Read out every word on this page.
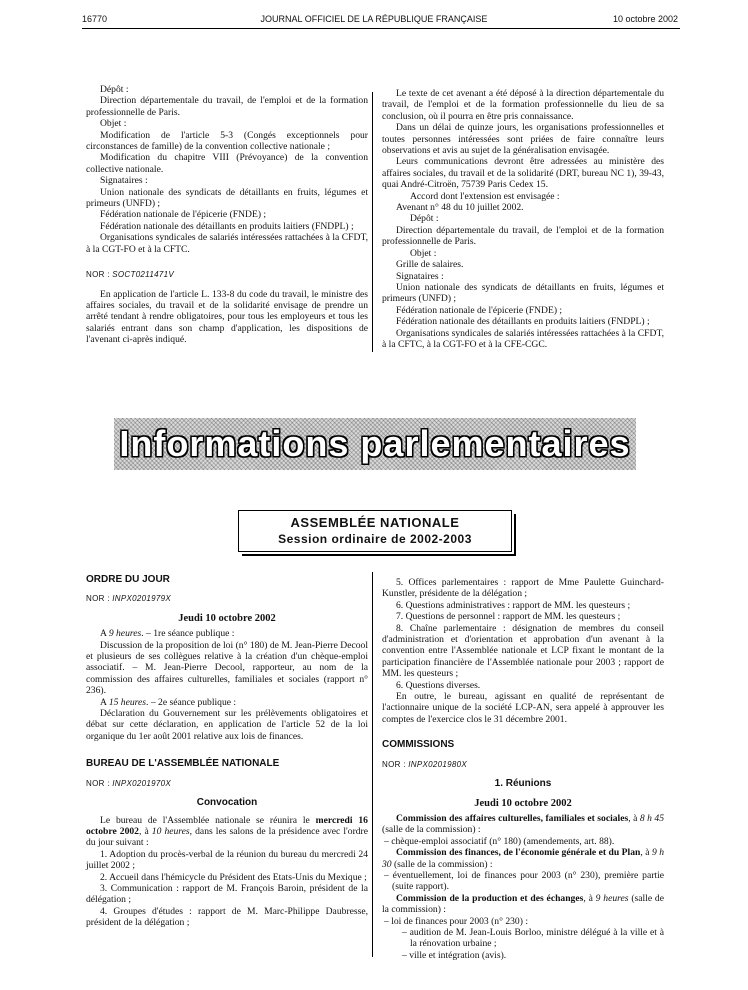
16770	JOURNAL OFFICIEL DE LA RÉPUBLIQUE FRANÇAISE	10 octobre 2002

Dépôt :

Direction départementale du travail, de l'emploi et de la formation professionnelle de Paris.

Objet :

Modification de l'article 5-3 (Congés exceptionnels pour circonstances de famille) de la convention collective nationale ;

Modification du chapitre VIII (Prévoyance) de la convention collective nationale.

Signataires :

Union nationale des syndicats de détaillants en fruits, légumes et primeurs (UNFD) ;

Fédération nationale de l'épicerie (FNDE) ;

Fédération nationale des détaillants en produits laitiers (FNDPL) ;

Organisations syndicales de salariés intéressées rattachées à la CFDT, à la CGT-FO et à la CFTC.

NOR : SOCT0211471V

En application de l'article L. 133-8 du code du travail, le ministre des affaires sociales, du travail et de la solidarité envisage de prendre un arrêté tendant à rendre obligatoires, pour tous les employeurs et tous les salariés entrant dans son champ d'application, les dispositions de l'avenant ci-après indiqué.

Le texte de cet avenant a été déposé à la direction départementale du travail, de l'emploi et de la formation professionnelle du lieu de sa conclusion, où il pourra en être pris connaissance.

Dans un délai de quinze jours, les organisations professionnelles et toutes personnes intéressées sont priées de faire connaître leurs observations et avis au sujet de la généralisation envisagée.

Leurs communications devront être adressées au ministère des affaires sociales, du travail et de la solidarité (DRT, bureau NC 1), 39-43, quai André-Citroën, 75739 Paris Cedex 15.

Accord dont l'extension est envisagée :

Avenant n° 48 du 10 juillet 2002.

Dépôt :

Direction départementale du travail, de l'emploi et de la formation professionnelle de Paris.

Objet :

Grille de salaires.

Signataires :

Union nationale des syndicats de détaillants en fruits, légumes et primeurs (UNFD) ;

Fédération nationale de l'épicerie (FNDE) ;

Fédération nationale des détaillants en produits laitiers (FNDPL) ;

Organisations syndicales de salariés intéressées rattachées à la CFDT, à la CFTC, à la CGT-FO et à la CFE-CGC.

Informations parlementaires
ASSEMBLÉE NATIONALE
Session ordinaire de 2002-2003

ORDRE DU JOUR

NOR : INPX0201979X

Jeudi 10 octobre 2002

A 9 heures. – 1re séance publique :

Discussion de la proposition de loi (n° 180) de M. Jean-Pierre Decool et plusieurs de ses collègues relative à la création d'un chèque-emploi associatif. – M. Jean-Pierre Decool, rapporteur, au nom de la commission des affaires culturelles, familiales et sociales (rapport n° 236).

A 15 heures. – 2e séance publique :

Déclaration du Gouvernement sur les prélèvements obligatoires et débat sur cette déclaration, en application de l'article 52 de la loi organique du 1er août 2001 relative aux lois de finances.

BUREAU DE L'ASSEMBLÉE NATIONALE

NOR : INPX0201970X

Convocation

Le bureau de l'Assemblée nationale se réunira le mercredi 16 octobre 2002, à 10 heures, dans les salons de la présidence avec l'ordre du jour suivant :

1. Adoption du procès-verbal de la réunion du bureau du mercredi 24 juillet 2002 ;

2. Accueil dans l'hémicycle du Président des Etats-Unis du Mexique ;

3. Communication : rapport de M. François Baroin, président de la délégation ;

4. Groupes d'études : rapport de M. Marc-Philippe Daubresse, président de la délégation ;

5. Offices parlementaires : rapport de Mme Paulette Guinchard-Kunstler, présidente de la délégation ;

6. Questions administratives : rapport de MM. les questeurs ;

7. Questions de personnel : rapport de MM. les questeurs ;

8. Chaîne parlementaire : désignation de membres du conseil d'administration et d'orientation et approbation d'un avenant à la convention entre l'Assemblée nationale et LCP fixant le montant de la participation financière de l'Assemblée nationale pour 2003 ; rapport de MM. les questeurs ;

6. Questions diverses.

En outre, le bureau, agissant en qualité de représentant de l'actionnaire unique de la société LCP-AN, sera appelé à approuver les comptes de l'exercice clos le 31 décembre 2001.

COMMISSIONS

NOR : INPX0201980X

1. Réunions

Jeudi 10 octobre 2002

Commission des affaires culturelles, familiales et sociales, à 8 h 45 (salle de la commission) :

– chèque-emploi associatif (n° 180) (amendements, art. 88).

Commission des finances, de l'économie générale et du Plan, à 9 h 30 (salle de la commission) :

– éventuellement, loi de finances pour 2003 (n° 230), première partie (suite rapport).

Commission de la production et des échanges, à 9 heures (salle de la commission) :

– loi de finances pour 2003 (n° 230) :

– audition de M. Jean-Louis Borloo, ministre délégué à la ville et à la rénovation urbaine ;

– ville et intégration (avis).
